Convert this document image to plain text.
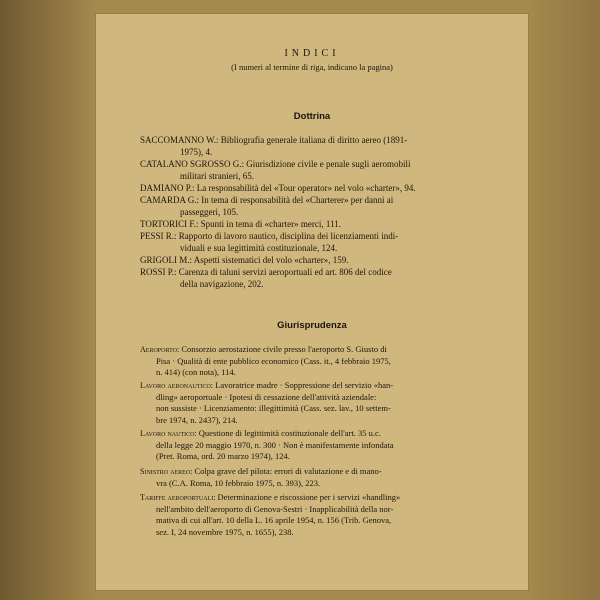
INDICI
(I numeri al termine di riga, indicano la pagina)
Dottrina
SACCOMANNO W.: Bibliografia generale italiana di diritto aereo (1891-
1975), 4.
CATALANO SGROSSO G.: Giurisdizione civile e penale sugli aeromobili
militari stranieri, 65.
DAMIANO P.: La responsabilità del «Tour operator» nel volo «charter», 94.
CAMARDA G.: In tema di responsabilità del «Charterer» per danni ai
passeggeri, 105.
TORTORICI F.: Spunti in tema di «charter» merci, 111.
PESSI R.: Rapporto di lavoro nautico, disciplina dei licenziamenti indi-
viduali e sua legittimità costituzionale, 124.
GRIGOLI M.: Aspetti sistematici del volo «charter», 159.
ROSSI P.: Carenza di taluni servizi aeroportuali ed art. 806 del codice
della navigazione, 202.
Giurisprudenza
Aeroporto: Consorzio aerostazione civile presso l'aeroporto S. Giusto di
Pisa · Qualità di ente pubblico economico (Cass. it., 4 febbraio 1975,
n. 414) (con nota), 114.
Lavoro aeronautico: Lavoratrice madre · Soppressione del servizio «han-
dling» aeroportuale · Ipotesi di cessazione dell'attività aziendale:
non sussiste · Licenziamento: illegittimità (Cass. sez. lav., 10 settem-
bre 1974, n. 2437), 214.
Lavoro nautico: Questione di legittimità costituzionale dell'art. 35 u.c.
della legge 20 maggio 1970, n. 300 · Non è manifestamente infondata
(Pret. Roma, ord. 20 marzo 1974), 124.
Sinistro aereo: Colpa grave del pilota: errori di valutazione e di mano-
vra (C.A. Roma, 10 febbraio 1975, n. 393), 223.
Tariffe aeroportuali: Determinazione e riscossione per i servizi «handling»
nell'ambito dell'aeroporto di Genova-Sestri · Inapplicabilità della nor-
mativa di cui all'art. 10 della L. 16 aprile 1954, n. 156 (Trib. Genova,
sez. I, 24 novembre 1975, n. 1655), 238.
